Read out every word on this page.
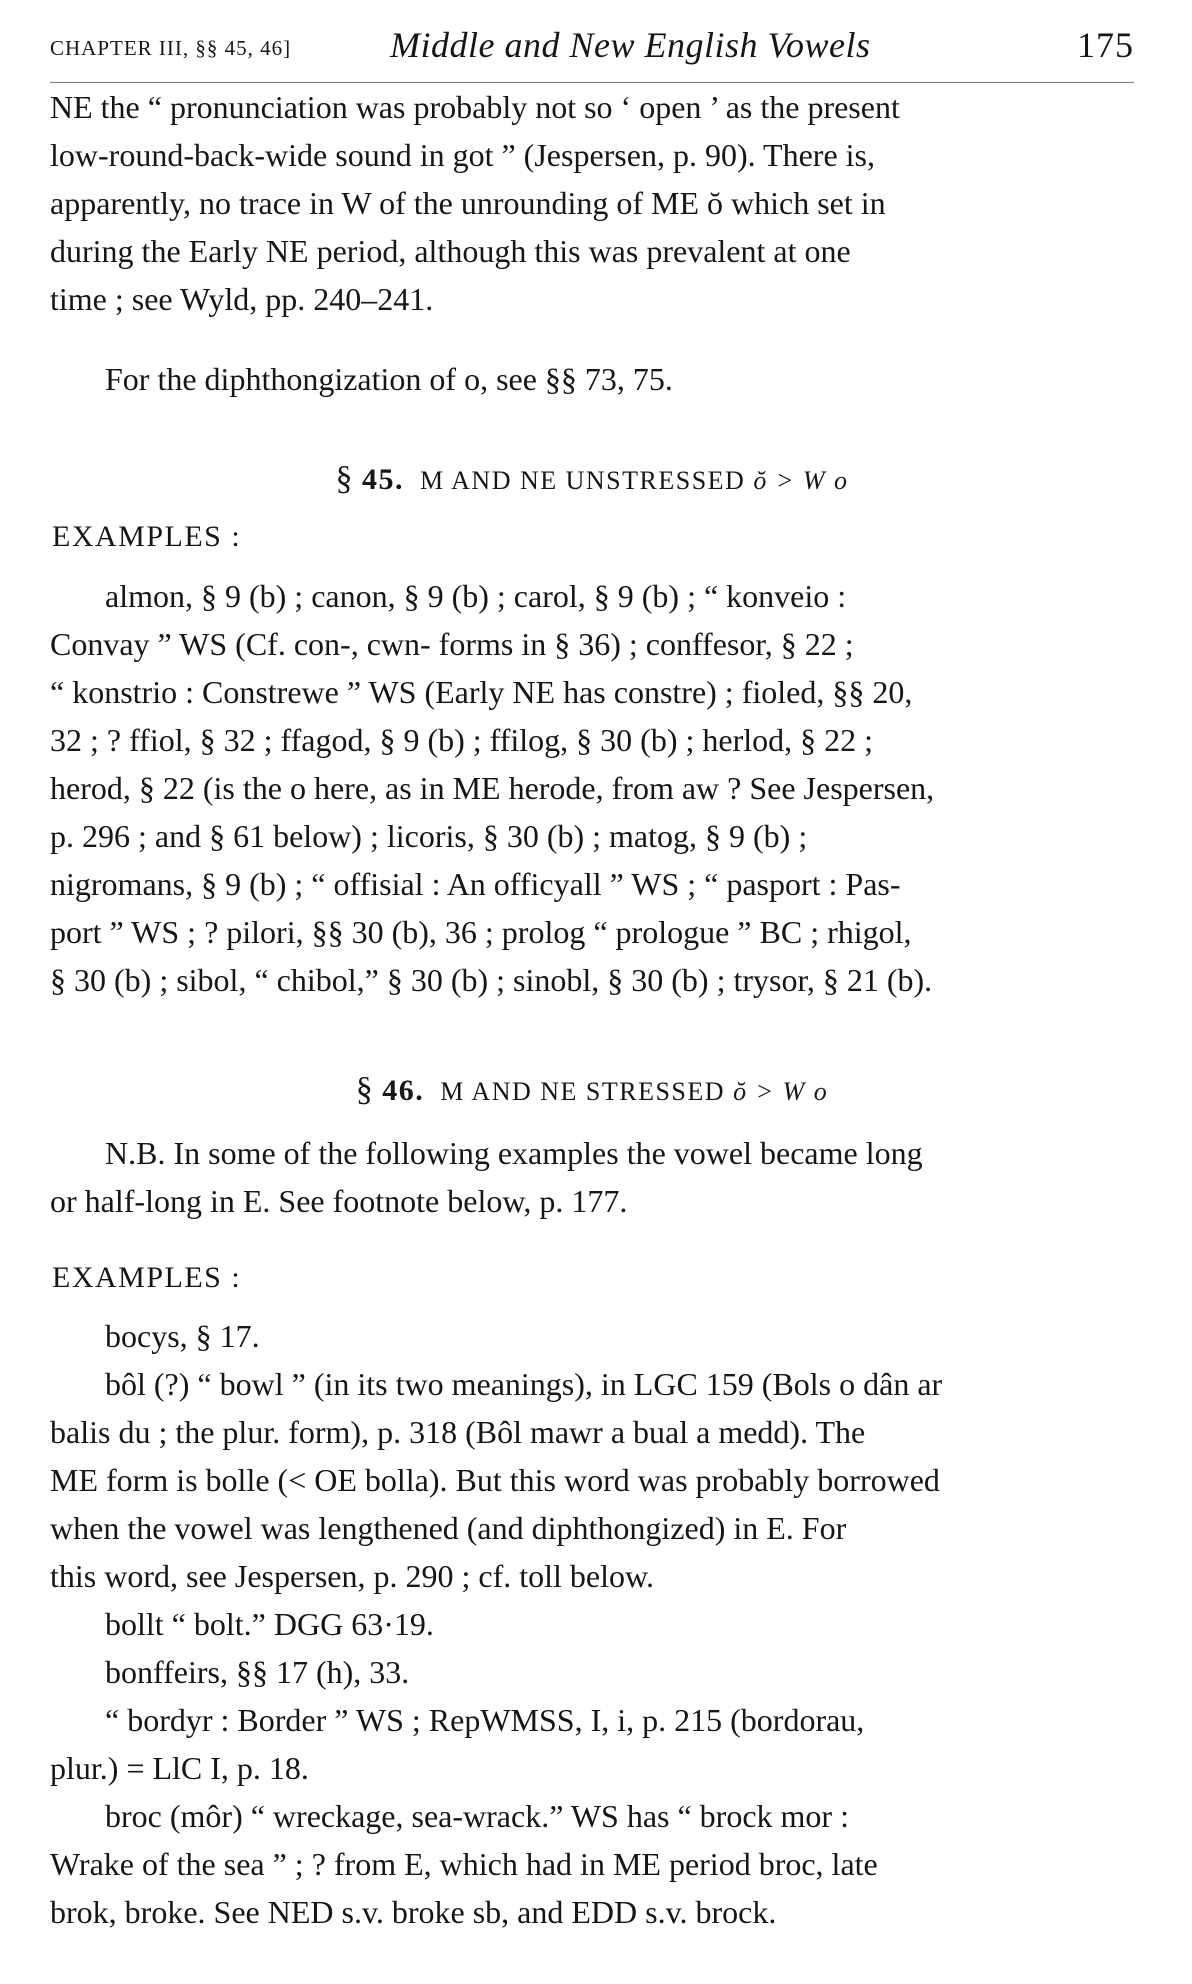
CHAPTER III, §§ 45, 46]	Middle and New English Vowels	175

NE the “ pronunciation was probably not so ‘ open ’ as the present

low-round-back-wide sound in got ” (Jespersen, p. 90). There is,

apparently, no trace in W of the unrounding of ME ŏ which set in

during the Early NE period, although this was prevalent at one

time ; see Wyld, pp. 240–241.

For the diphthongization of o, see §§ 73, 75.

§ 45. M AND NE UNSTRESSED ŏ > W o
EXAMPLES :

almon, § 9 (b) ; canon, § 9 (b) ; carol, § 9 (b) ; “ konveio :

Convay ” WS (Cf. con-, cwn- forms in § 36) ; conffesor, § 22 ;

“ konstrio : Constrewe ” WS (Early NE has constre) ; fioled, §§ 20,

32 ; ? ffiol, § 32 ; ffagod, § 9 (b) ; ffilog, § 30 (b) ; herlod, § 22 ;

herod, § 22 (is the o here, as in ME herode, from aw ? See Jespersen,

p. 296 ; and § 61 below) ; licoris, § 30 (b) ; matog, § 9 (b) ;

nigromans, § 9 (b) ; “ offisial : An officyall ” WS ; “ pasport : Pas-

port ” WS ; ? pilori, §§ 30 (b), 36 ; prolog “ prologue ” BC ; rhigol,

§ 30 (b) ; sibol, “ chibol,” § 30 (b) ; sinobl, § 30 (b) ; trysor, § 21 (b).

§ 46. M AND NE STRESSED ŏ > W o

N.B. In some of the following examples the vowel became long

or half-long in E. See footnote below, p. 177.

EXAMPLES :

bocys, § 17.

bôl (?) “ bowl ” (in its two meanings), in LGC 159 (Bols o dân ar

balis du ; the plur. form), p. 318 (Bôl mawr a bual a medd). The

ME form is bolle (< OE bolla). But this word was probably borrowed

when the vowel was lengthened (and diphthongized) in E. For

this word, see Jespersen, p. 290 ; cf. toll below.

bollt “ bolt.” DGG 63·19.

bonffeirs, §§ 17 (h), 33.

“ bordyr : Border ” WS ; RepWMSS, I, i, p. 215 (bordorau,

plur.) = LlC I, p. 18.

broc (môr) “ wreckage, sea-wrack.” WS has “ brock mor :

Wrake of the sea ” ; ? from E, which had in ME period broc, late

brok, broke. See NED s.v. broke sb, and EDD s.v. brock.
